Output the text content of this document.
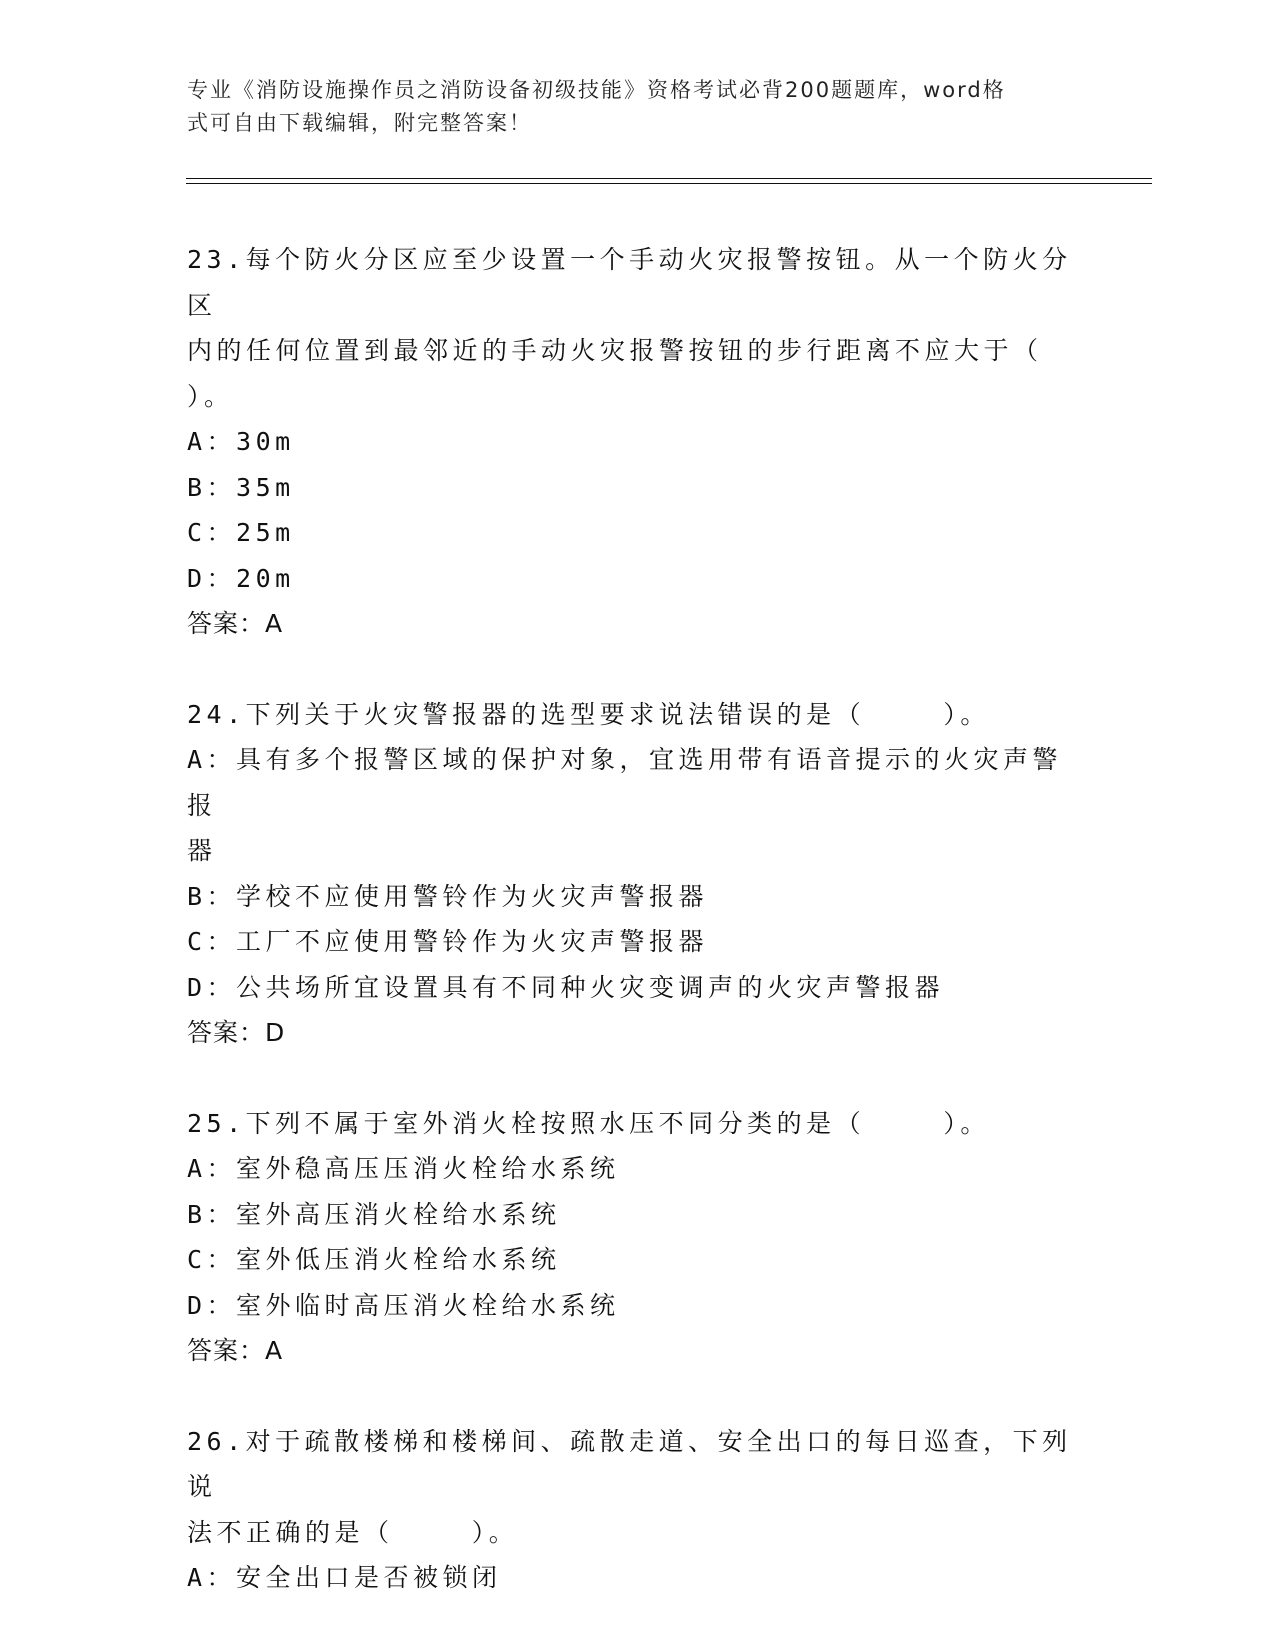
专业《消防设施操作员之消防设备初级技能》资格考试必背200题题库，word格
式可自由下载编辑，附完整答案！
23.每个防火分区应至少设置一个手动火灾报警按钮。从一个防火分区
内的任何位置到最邻近的手动火灾报警按钮的步行距离不应大于（
）。
A：30m
B：35m
C：25m
D：20m
答案：A
24.下列关于火灾警报器的选型要求说法错误的是（    ）。
A：具有多个报警区域的保护对象，宜选用带有语音提示的火灾声警报
器
B：学校不应使用警铃作为火灾声警报器
C：工厂不应使用警铃作为火灾声警报器
D：公共场所宜设置具有不同种火灾变调声的火灾声警报器
答案：D
25.下列不属于室外消火栓按照水压不同分类的是（    ）。
A：室外稳高压压消火栓给水系统
B：室外高压消火栓给水系统
C：室外低压消火栓给水系统
D：室外临时高压消火栓给水系统
答案：A
26.对于疏散楼梯和楼梯间、疏散走道、安全出口的每日巡查，下列说
法不正确的是（    ）。
A：安全出口是否被锁闭
